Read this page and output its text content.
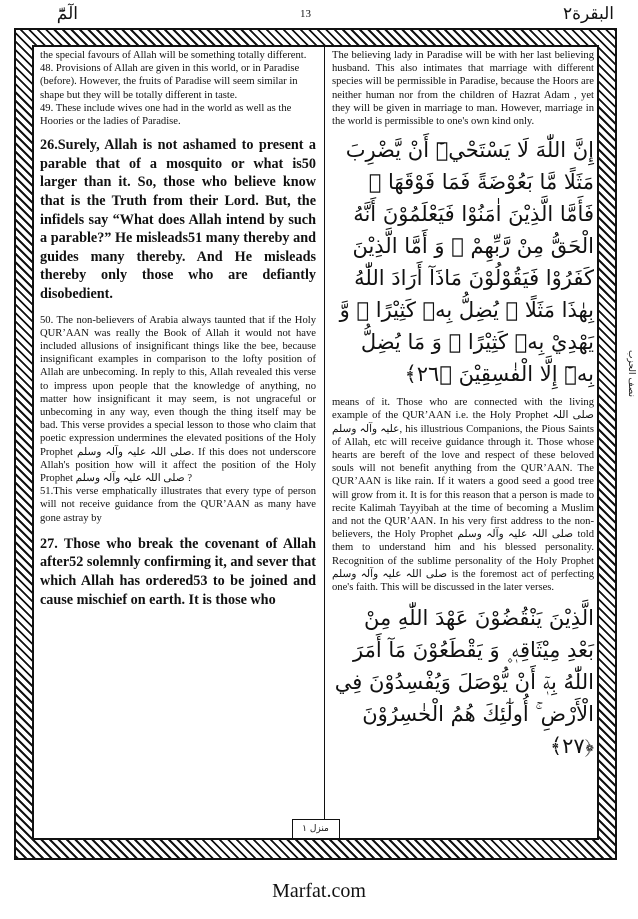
البقرة٢
13
الٓمّٓ

the special favours of Allah will be something totally different.

48. Provisions of Allah are given in this world, or in Paradise (before). However, the fruits of Paradise will seem similar in shape but they will be totally different in taste.

49. These include wives one had in the world as well as the Hoories or the ladies of Paradise.

26.Surely, Allah is not ashamed to present a parable that of a mosquito or what is50 larger than it. So, those who believe know that is the Truth from their Lord. But, the infidels say “What does Allah intend by such a parable?” He misleads51 many thereby and guides many thereby. And He misleads thereby only those who are defiantly disobedient.

50. The non-believers of Arabia always taunted that if the Holy QUR’AAN was really the Book of Allah it would not have included allusions of insignificant things like the bee, because insignificant examples in comparison to the lofty position of Allah are unbecoming. In reply to this, Allah revealed this verse to impress upon people that the knowledge of anything, no matter how insignificant it may seem, is not ungraceful or unbecoming in any way, even though the thing itself may be bad. This verse provides a special lesson to those who claim that poetic expression undermines the elevated positions of the Holy Prophet صلی اللہ علیہ وآلہ وسلم. If this does not underscore Allah's position how will it affect the position of the Holy Prophet صلی اللہ علیہ وآلہ وسلم ?

51.This verse emphatically illustrates that every type of person will not receive guidance from the QUR’AAN as many have gone astray by

27. Those who break the covenant of Allah after52 solemnly confirming it, and sever that which Allah has ordered53 to be joined and cause mischief on earth. It is those who

The believing lady in Paradise will be with her last believing husband. This also intimates that marriage with different species will be permissible in Paradise, because the Hoors are neither human nor from the children of Hazrat Adam , yet they will be given in marriage to man. However, marriage in the world is permissible to one's own kind only.

إِنَّ اللّٰهَ لَا يَسْتَحْيٖٓ أَنْ يَّضْرِبَ مَثَلًا مَّا بَعُوْضَةً فَمَا فَوْقَهَا ۚ فَأَمَّا الَّذِيْنَ اٰمَنُوْا فَيَعْلَمُوْنَ أَنَّهُ الْحَقُّ مِنْ رَّبِّهِمْ ۚ وَ أَمَّا الَّذِيْنَ كَفَرُوْا فَيَقُوْلُوْنَ مَاذَآ أَرَادَ اللّٰهُ بِهٰذَا مَثَلًا ۘ يُضِلُّ بِهٖ كَثِيْرًا ۙ وَّ يَهْدِيْ بِهٖ كَثِيْرًا ۚ وَ مَا يُضِلُّ بِهٖٓ إِلَّا الْفٰسِقِيْنَ ﴿٢٦﴾

means of it. Those who are connected with the living example of the QUR’AAN i.e. the Holy Prophet صلی اللہ علیہ وآلہ وسلم, his illustrious Companions, the Pious Saints of Allah, etc will receive guidance through it. Those whose hearts are bereft of the love and respect of these beloved souls will not benefit anything from the QUR’AAN. The QUR’AAN is like rain. If it waters a good seed a good tree will grow from it. It is for this reason that a person is made to recite Kalimah Tayyibah at the time of becoming a Muslim and not the QUR’AAN. In his very first address to the non-believers, the Holy Prophet صلی اللہ علیہ وآلہ وسلم told them to understand him and his blessed personality. Recognition of the sublime personality of the Holy Prophet صلی اللہ علیہ وآلہ وسلم is the foremost act of perfecting one's faith. This will be discussed in the later verses.

الَّذِيْنَ يَنْقُضُوْنَ عَهْدَ اللّٰهِ مِنْ بَعْدِ مِيْثَاقِهٖ ۪ وَ يَقْطَعُوْنَ مَآ أَمَرَ اللّٰهُ بِهٖٓ أَنْ يُّوْصَلَ وَيُفْسِدُوْنَ فِي الْأَرْضِ ۚ أُولٰٓئِكَ هُمُ الْخٰسِرُوْنَ ﴿٢٧﴾

منزل ١
نصف الحزب
Marfat.com
